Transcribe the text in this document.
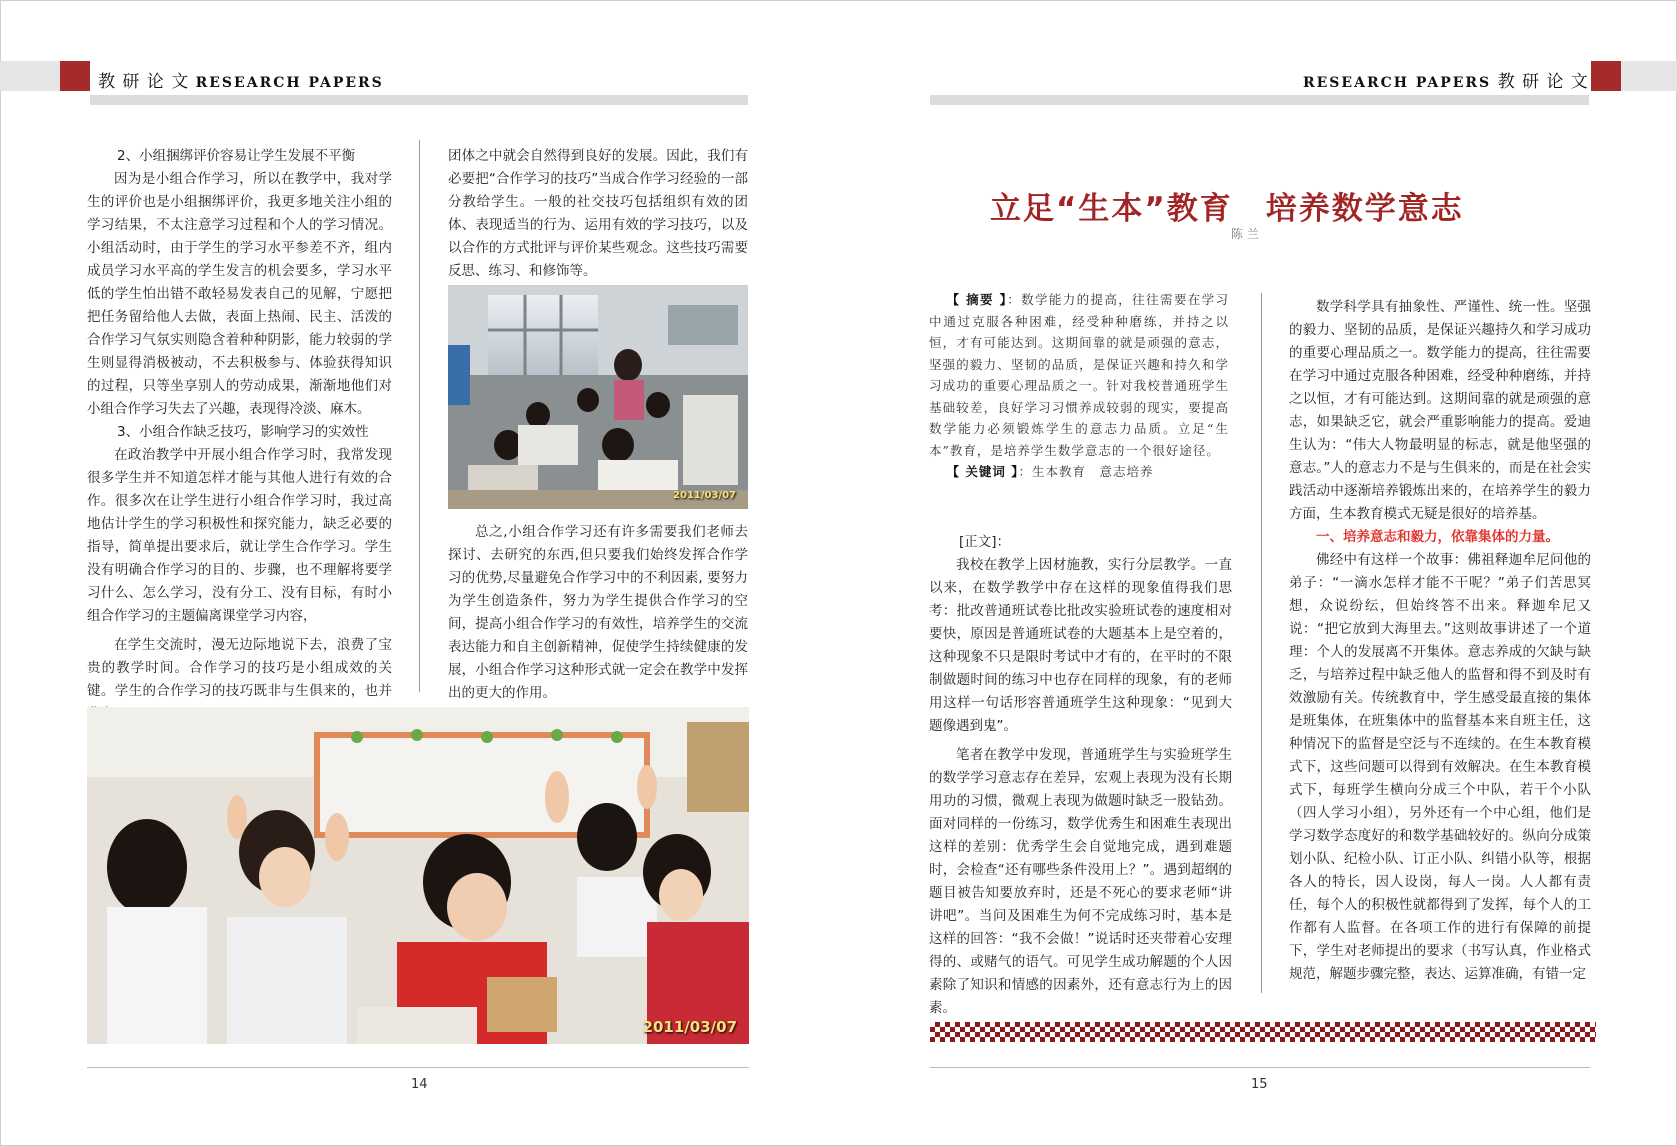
教 研 论 文 RESEARCH PAPERS	RESEARCH PAPERS 教 研 论 文

2、小组捆绑评价容易让学生发展不平衡

因为是小组合作学习，所以在教学中，我对学生的评价也是小组捆绑评价，我更多地关注小组的学习结果，不太注意学习过程和个人的学习情况。小组活动时，由于学生的学习水平参差不齐，组内成员学习水平高的学生发言的机会要多，学习水平低的学生怕出错不敢轻易发表自己的见解，宁愿把把任务留给他人去做，表面上热闹、民主、活泼的合作学习气氛实则隐含着种种阴影，能力较弱的学生则显得消极被动，不去积极参与、体验获得知识的过程，只等坐享别人的劳动成果，渐渐地他们对小组合作学习失去了兴趣，表现得冷淡、麻木。

3、小组合作缺乏技巧，影响学习的实效性

在政治教学中开展小组合作学习时，我常发现很多学生并不知道怎样才能与其他人进行有效的合作。很多次在让学生进行小组合作学习时，我过高地估计学生的学习积极性和探究能力，缺乏必要的指导，简单提出要求后，就让学生合作学习。学生没有明确合作学习的目的、步骤，也不理解将要学习什么、怎么学习，没有分工、没有目标，有时小组合作学习的主题偏离课堂学习内容，

在学生交流时，漫无边际地说下去，浪费了宝贵的教学时间。合作学习的技巧是小组成效的关键。学生的合作学习的技巧既非与生俱来的，也并

团体之中就会自然得到良好的发展。因此，我们有必要把“合作学习的技巧”当成合作学习经验的一部分教给学生。一般的社交技巧包括组织有效的团体、表现适当的行为、运用有效的学习技巧，以及以合作的方式批评与评价某些观念。这些技巧需要反思、练习、和修饰等。

2011/03/07

总之,小组合作学习还有许多需要我们老师去探讨、去研究的东西,但只要我们始终发挥合作学习的优势,尽量避免合作学习中的不利因素, 要努力为学生创造条件，努力为学生提供合作学习的空间，提高小组合作学习的有效性，培养学生的交流表达能力和自主创新精神，促使学生持续健康的发展，小组合作学习这种形式就一定会在教学中发挥出的更大的作用。

2011/03/07
立足“生本”教育　培养数学意志
陈 兰

【 摘要 】：数学能力的提高，往往需要在学习中通过克服各种困难，经受种种磨练，并持之以恒，才有可能达到。这期间靠的就是顽强的意志，坚强的毅力、坚韧的品质，是保证兴趣和持久和学习成功的重要心理品质之一。针对我校普通班学生基础较差，良好学习习惯养成较弱的现实，要提高数学能力必须锻炼学生的意志力品质。立足“生本”教育，是培养学生数学意志的一个很好途径。

【 关键词 】：生本教育　意志培养

[正文]：

我校在教学上因材施教，实行分层教学。一直以来，在数学教学中存在这样的现象值得我们思考：批改普通班试卷比批改实验班试卷的速度相对要快，原因是普通班试卷的大题基本上是空着的，这种现象不只是限时考试中才有的，在平时的不限制做题时间的练习中也存在同样的现象，有的老师用这样一句话形容普通班学生这种现象：“见到大题像遇到鬼”。

笔者在教学中发现，普通班学生与实验班学生的数学学习意志存在差异，宏观上表现为没有长期用功的习惯，微观上表现为做题时缺乏一股钻劲。面对同样的一份练习，数学优秀生和困难生表现出这样的差别：优秀学生会自觉地完成，遇到难题时，会检查“还有哪些条件没用上？”。遇到超纲的题目被告知要放弃时，还是不死心的要求老师“讲讲吧”。当问及困难生为何不完成练习时，基本是这样的回答：“我不会做！”说话时还夹带着心安理得的、或赌气的语气。可见学生成功解题的个人因素除了知识和情感的因素外，还有意志行为上的因素。

数学科学具有抽象性、严谨性、统一性。坚强的毅力、坚韧的品质，是保证兴趣持久和学习成功的重要心理品质之一。数学能力的提高，往往需要在学习中通过克服各种困难，经受种种磨练，并持之以恒，才有可能达到。这期间靠的就是顽强的意志，如果缺乏它，就会严重影响能力的提高。爱迪生认为：“伟大人物最明显的标志，就是他坚强的意志。”人的意志力不是与生俱来的，而是在社会实践活动中逐渐培养锻炼出来的，在培养学生的毅力方面，生本教育模式无疑是很好的培养基。

一、培养意志和毅力，依靠集体的力量。

佛经中有这样一个故事：佛祖释迦牟尼问他的弟子：“一滴水怎样才能不干呢？”弟子们苦思冥想，众说纷纭，但始终答不出来。释迦牟尼又说：“把它放到大海里去。”这则故事讲述了一个道理：个人的发展离不开集体。意志养成的欠缺与缺乏，与培养过程中缺乏他人的监督和得不到及时有效激励有关。传统教育中，学生感受最直接的集体是班集体，在班集体中的监督基本来自班主任，这种情况下的监督是空泛与不连续的。在生本教育模式下，这些问题可以得到有效解决。在生本教育模式下，每班学生横向分成三个中队，若干个小队（四人学习小组），另外还有一个中心组，他们是学习数学态度好的和数学基础较好的。纵向分成策划小队、纪检小队、订正小队、纠错小队等，根据各人的特长，因人设岗，每人一岗。人人都有责任，每个人的积极性就都得到了发挥，每个人的工作都有人监督。在各项工作的进行有保障的前提下，学生对老师提出的要求（书写认真，作业格式规范，解题步骤完整，表达、运算准确，有错一定

14	15
